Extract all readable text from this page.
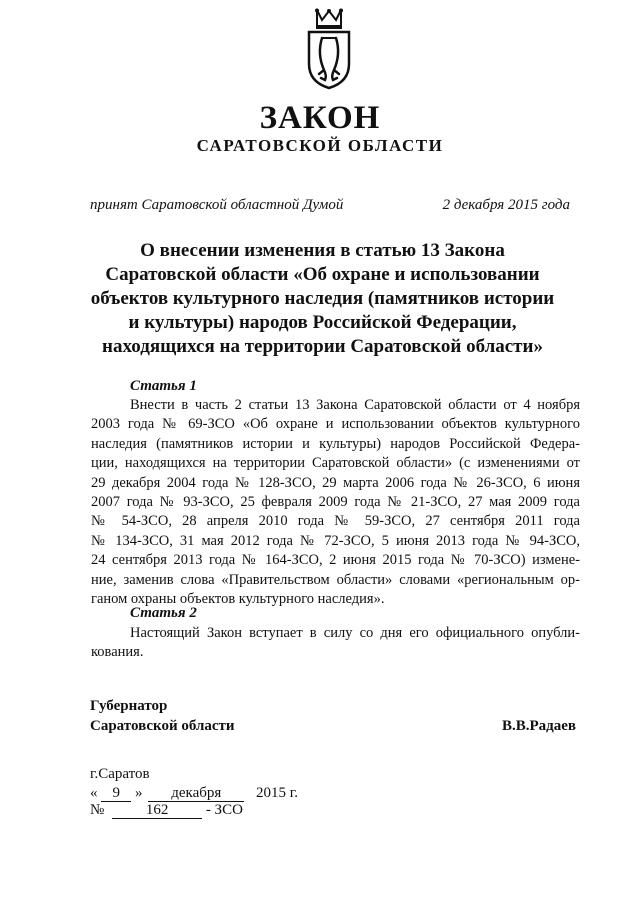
ЗАКОН
САРАТОВСКОЙ ОБЛАСТИ
принят Саратовской областной Думой	2 декабря 2015 года
О внесении изменения в статью 13 Закона
Саратовской области «Об охране и использовании
объектов культурного наследия (памятников истории
и культуры) народов Российской Федерации,
находящихся на территории Саратовской области»
Статья 1
Внести в часть 2 статьи 13 Закона Саратовской области от 4 ноября
2003 года № 69-ЗСО «Об охране и использовании объектов культурного
наследия (памятников истории и культуры) народов Российской Федера-
ции, находящихся на территории Саратовской области» (с изменениями от
29 декабря 2004 года № 128-ЗСО, 29 марта 2006 года № 26-ЗСО, 6 июня
2007 года № 93-ЗСО, 25 февраля 2009 года № 21-ЗСО, 27 мая 2009 года
№ 54-ЗСО, 28 апреля 2010 года № 59-ЗСО, 27 сентября 2011 года
№ 134-ЗСО, 31 мая 2012 года № 72-ЗСО, 5 июня 2013 года № 94-ЗСО,
24 сентября 2013 года № 164-ЗСО, 2 июня 2015 года № 70-ЗСО) измене-
ние, заменив слова «Правительством области» словами «региональным ор-
ганом охраны объектов культурного наследия».
Статья 2
Настоящий Закон вступает в силу со дня его официального опубли-
кования.
Губернатор
Саратовской области	В.В.Радаев
г.Саратов
« 9 » декабря 2015 г.
№	162	- ЗСО
